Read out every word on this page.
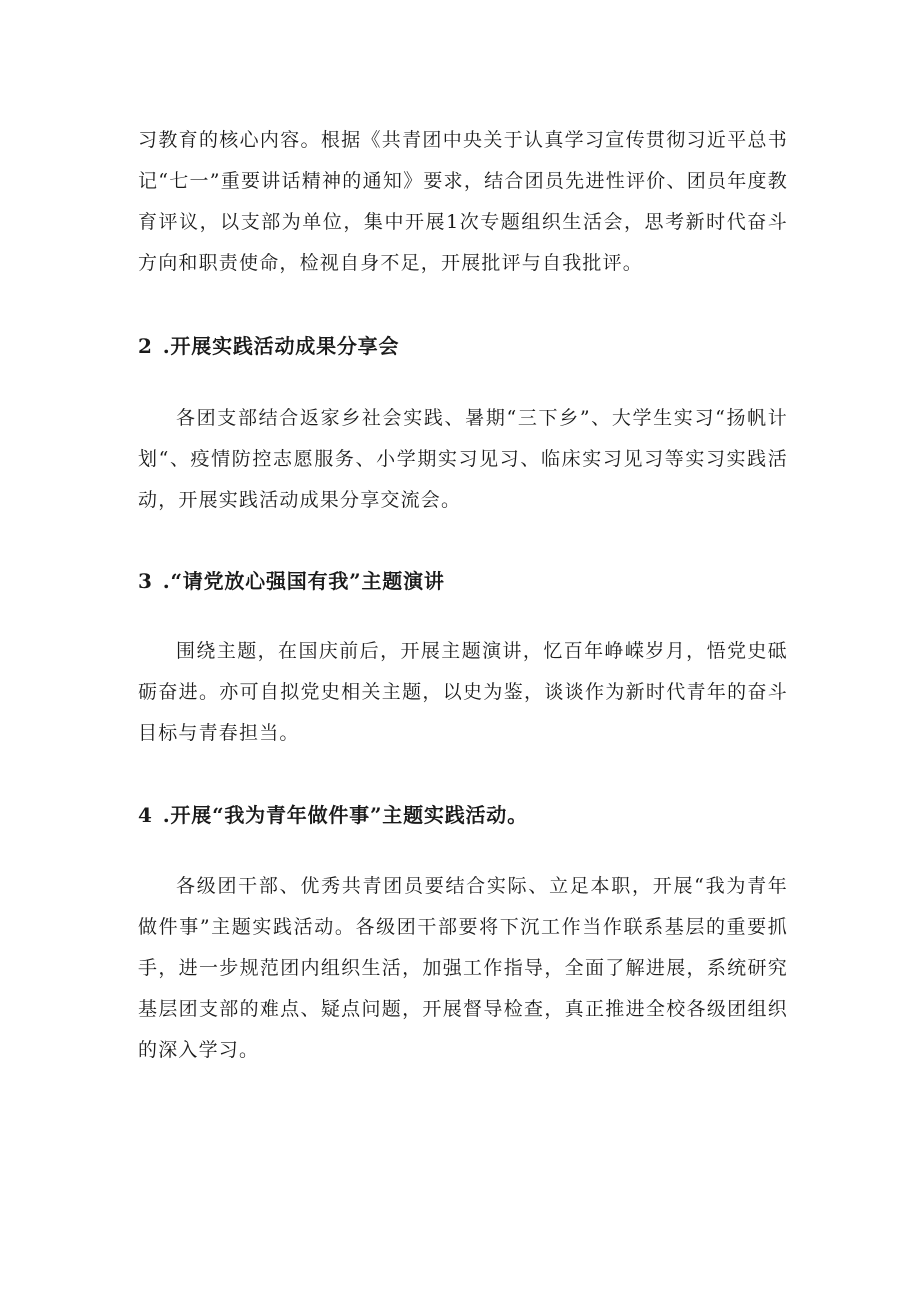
习教育的核心内容。根据《共青团中央关于认真学习宣传贯彻习近平总书记“七一”重要讲话精神的通知》要求，结合团员先进性评价、团员年度教育评议，以支部为单位，集中开展1次专题组织生活会，思考新时代奋斗方向和职责使命，检视自身不足，开展批评与自我批评。

2 .开展实践活动成果分享会

各团支部结合返家乡社会实践、暑期“三下乡”、大学生实习“扬帆计划“、疫情防控志愿服务、小学期实习见习、临床实习见习等实习实践活动，开展实践活动成果分享交流会。

3 .“请党放心强国有我”主题演讲

围绕主题，在国庆前后，开展主题演讲，忆百年峥嵘岁月，悟党史砥砺奋进。亦可自拟党史相关主题，以史为鉴，谈谈作为新时代青年的奋斗目标与青春担当。

4 .开展“我为青年做件事”主题实践活动。

各级团干部、优秀共青团员要结合实际、立足本职，开展“我为青年做件事”主题实践活动。各级团干部要将下沉工作当作联系基层的重要抓手，进一步规范团内组织生活，加强工作指导，全面了解进展，系统研究基层团支部的难点、疑点问题，开展督导检查，真正推进全校各级团组织的深入学习。
